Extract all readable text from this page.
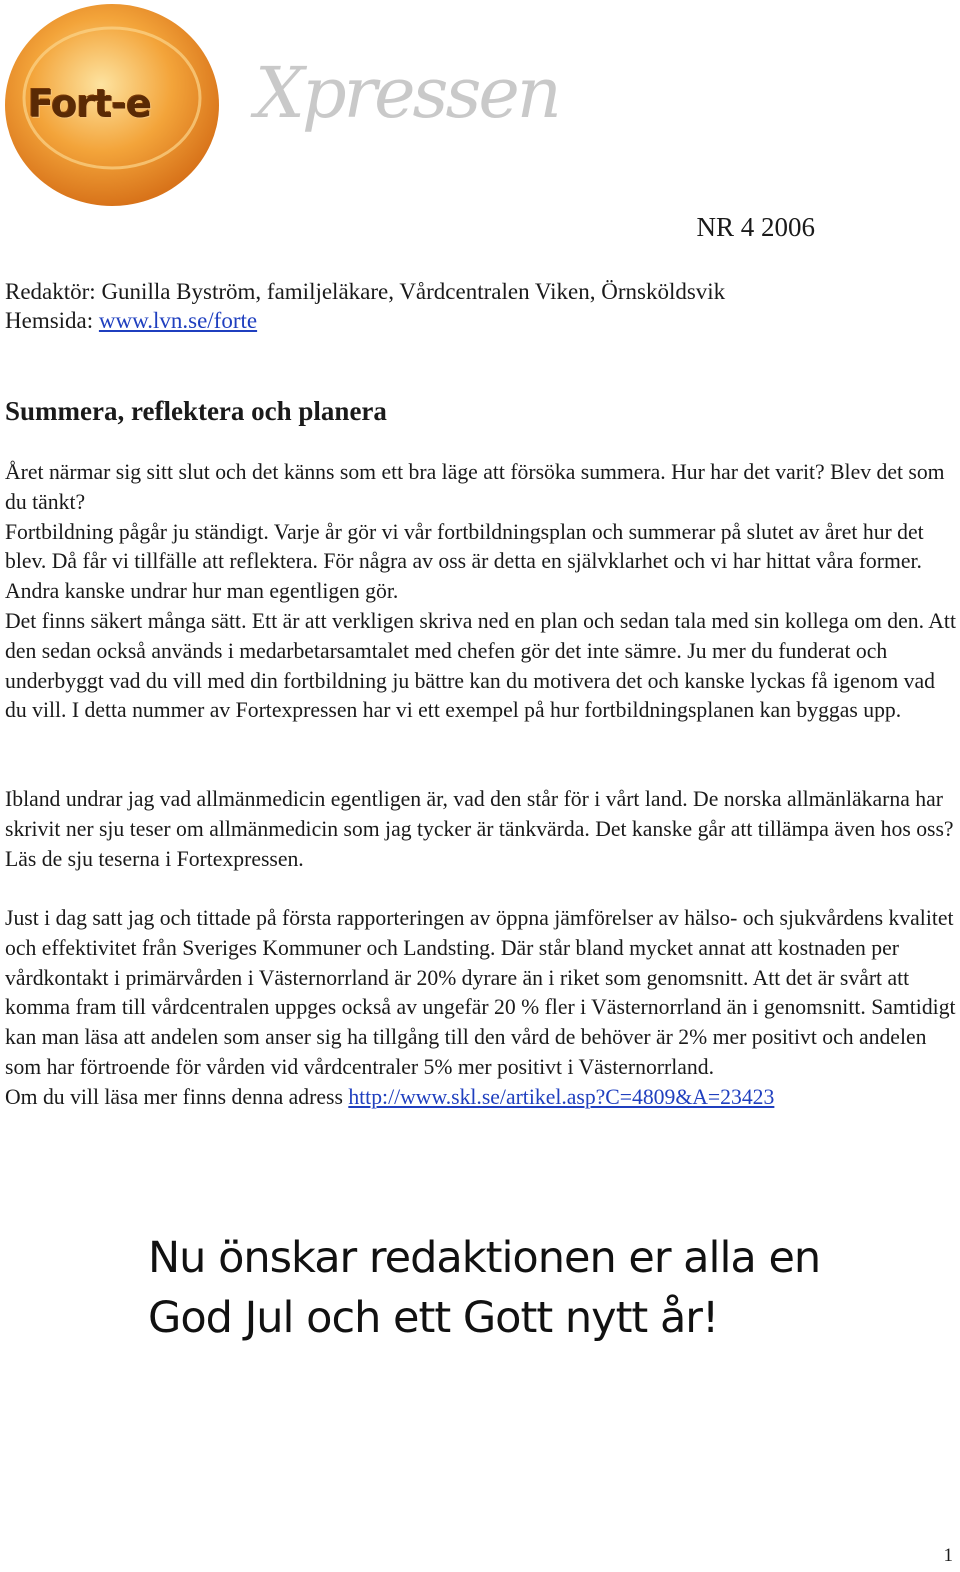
Fort-e	Xpressen
NR 4 2006
Redaktör: Gunilla Byström, familjeläkare, Vårdcentralen Viken, Örnsköldsvik
Hemsida: www.lvn.se/forte
Summera, reflektera och planera

Året närmar sig sitt slut och det känns som ett bra läge att försöka summera. Hur har det varit? Blev det som du tänkt?

Fortbildning pågår ju ständigt. Varje år gör vi vår fortbildningsplan och summerar på slutet av året hur det blev. Då får vi tillfälle att reflektera. För några av oss är detta en självklarhet och vi har hittat våra former. Andra kanske undrar hur man egentligen gör.

Det finns säkert många sätt. Ett är att verkligen skriva ned en plan och sedan tala med sin kollega om den. Att den sedan också används i medarbetarsamtalet med chefen gör det inte sämre. Ju mer du funderat och underbyggt vad du vill med din fortbildning ju bättre kan du motivera det och kanske lyckas få igenom vad du vill. I detta nummer av Fortexpressen har vi ett exempel på hur fortbildningsplanen kan byggas upp.

Ibland undrar jag vad allmänmedicin egentligen är, vad den står för i vårt land. De norska allmänläkarna har skrivit ner sju teser om allmänmedicin som jag tycker är tänkvärda. Det kanske går att tillämpa även hos oss? Läs de sju teserna i Fortexpressen.

Just i dag satt jag och tittade på första rapporteringen av öppna jämförelser av hälso- och sjukvårdens kvalitet och effektivitet från Sveriges Kommuner och Landsting. Där står bland mycket annat att kostnaden per vårdkontakt i primärvården i Västernorrland är 20% dyrare än i riket som genomsnitt. Att det är svårt att komma fram till vårdcentralen uppges också av ungefär 20 % fler i Västernorrland än i genomsnitt. Samtidigt kan man läsa att andelen som anser sig ha tillgång till den vård de behöver är 2% mer positivt och andelen som har förtroende för vården vid vårdcentraler 5% mer positivt i Västernorrland.

Om du vill läsa mer finns denna adress http://www.skl.se/artikel.asp?C=4809&A=23423

Nu önskar redaktionen er alla en
God Jul och ett Gott nytt år!
1
